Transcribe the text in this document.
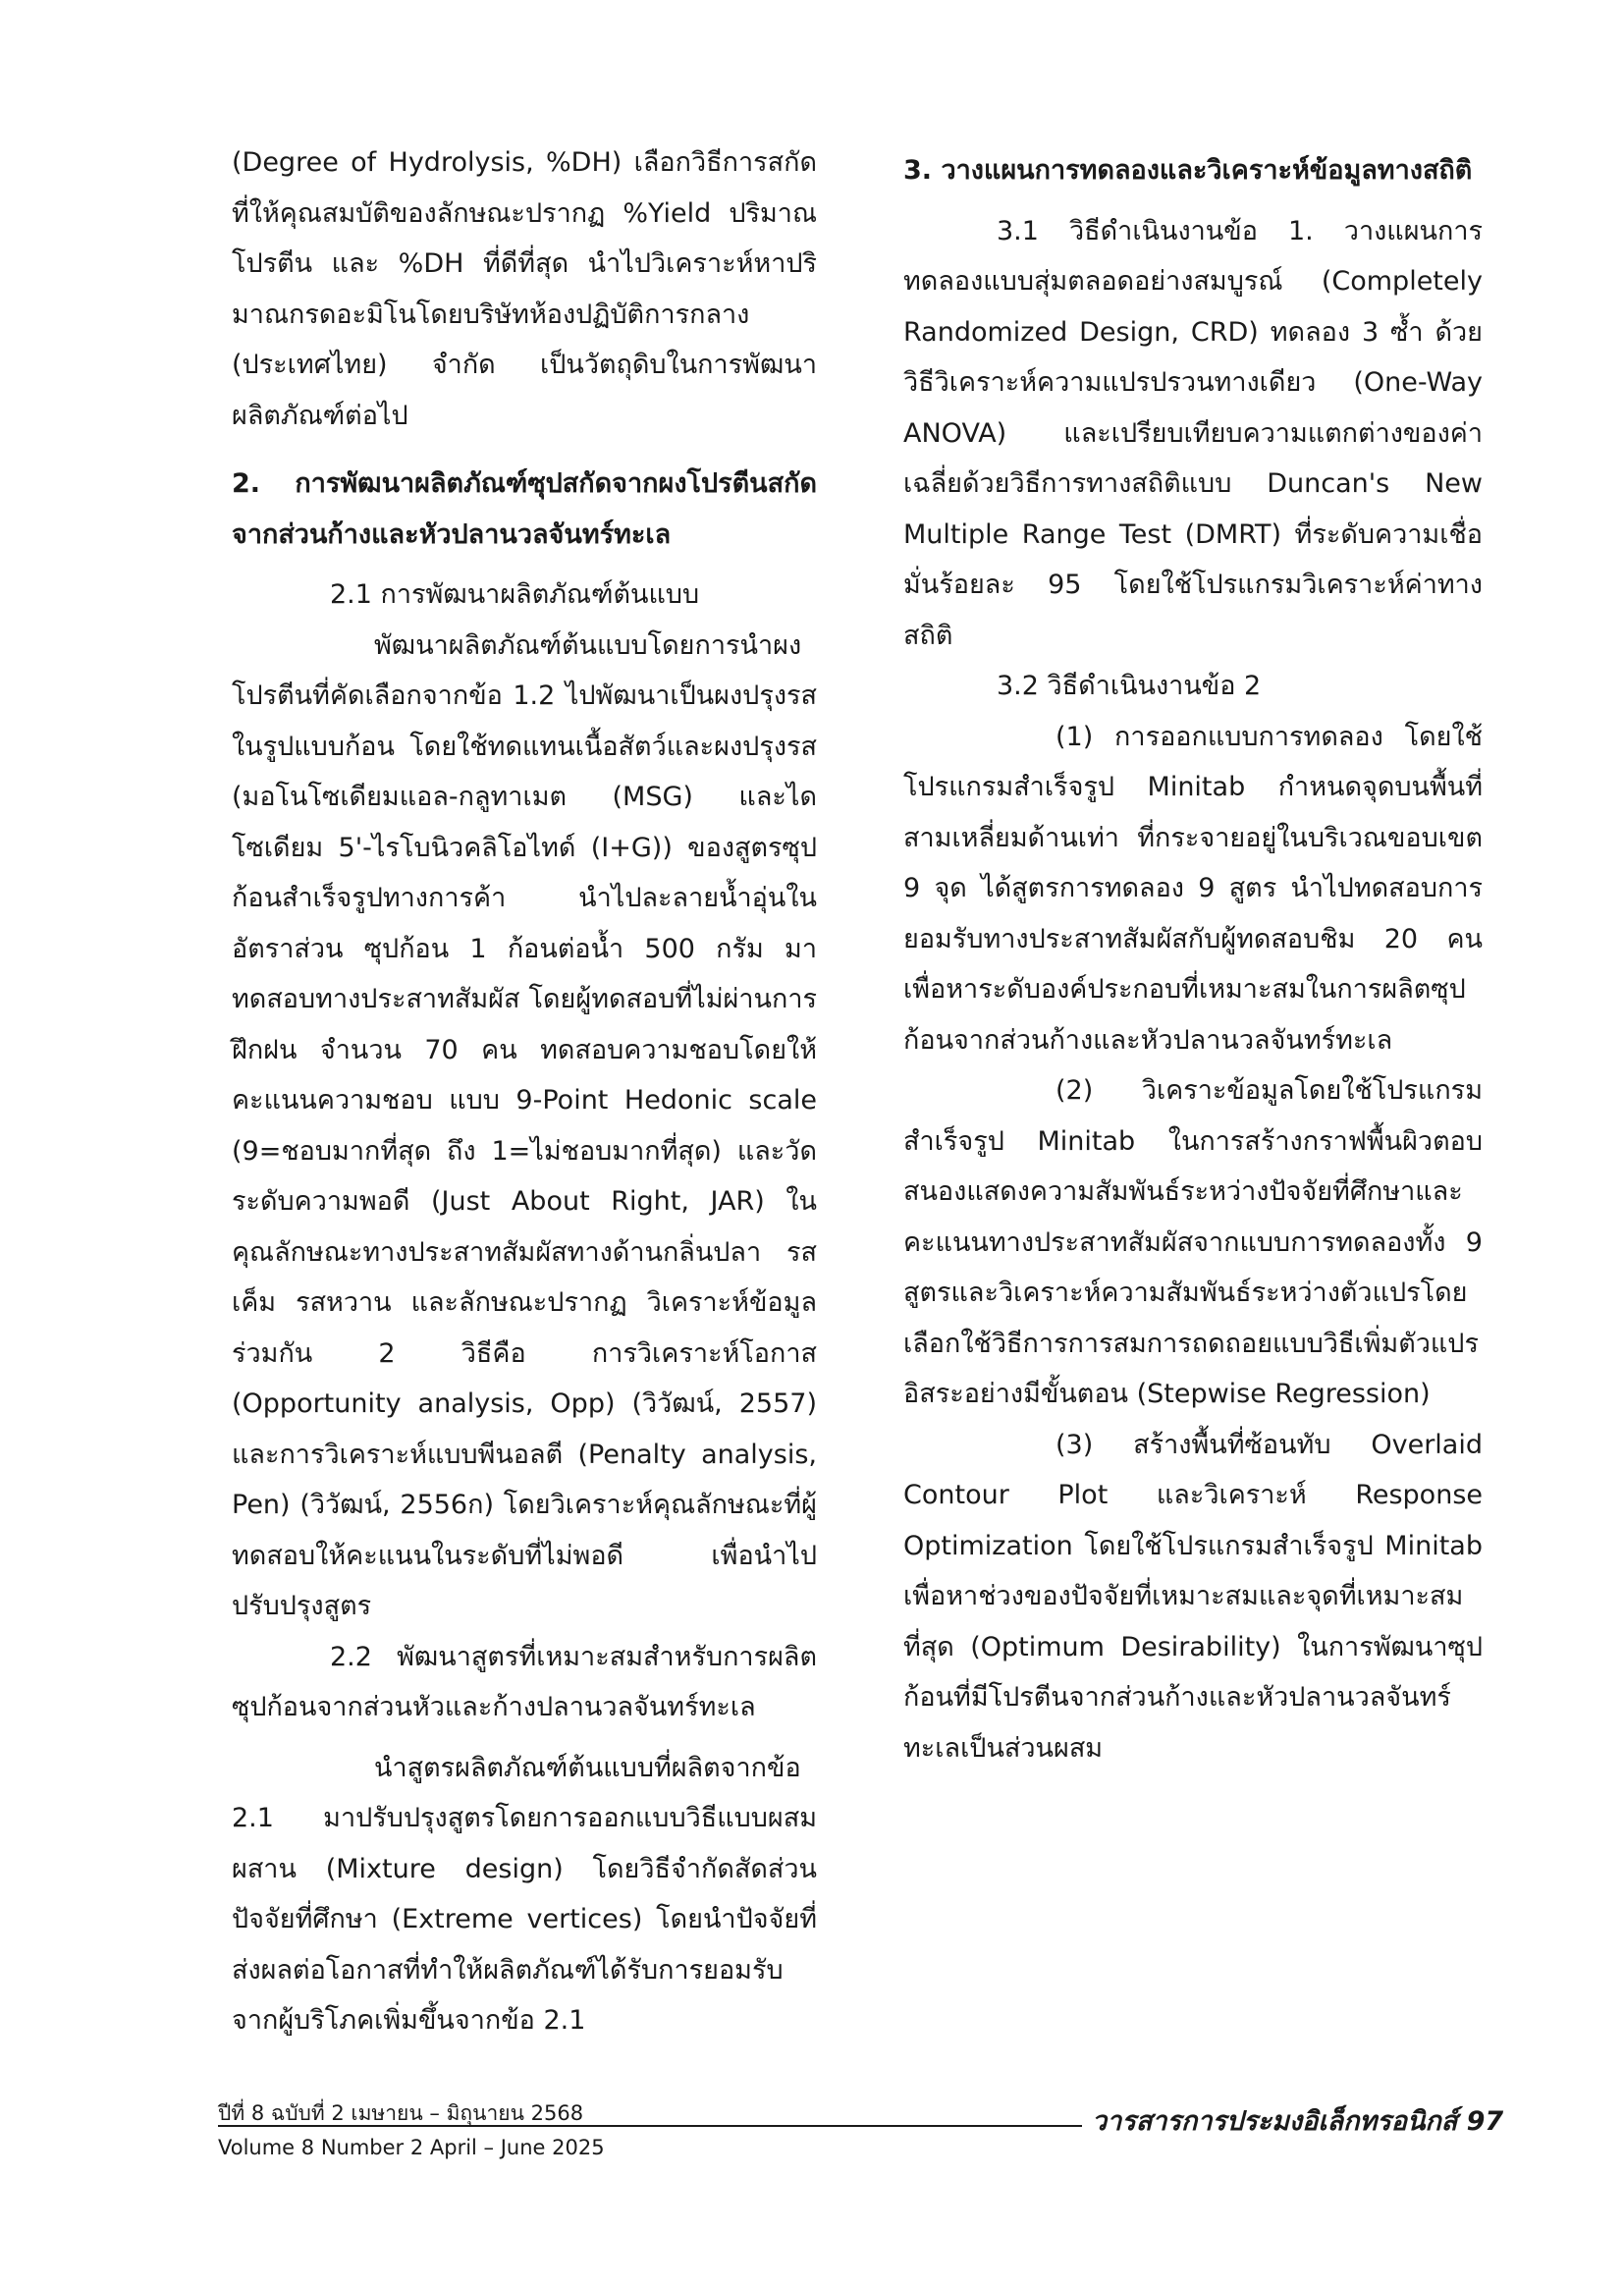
(Degree of Hydrolysis, %DH) เลือกวิธีการสกัดที่ให้คุณสมบัติของลักษณะปรากฏ %Yield ปริมาณโปรตีน และ %DH ที่ดีที่สุด นำไปวิเคราะห์หาปริมาณกรดอะมิโนโดยบริษัทห้องปฏิบัติการกลาง (ประเทศไทย) จำกัด เป็นวัตถุดิบในการพัฒนาผลิตภัณฑ์ต่อไป

2. การพัฒนาผลิตภัณฑ์ซุปสกัดจากผงโปรตีนสกัดจากส่วนก้างและหัวปลานวลจันทร์ทะเล

2.1 การพัฒนาผลิตภัณฑ์ต้นแบบ

พัฒนาผลิตภัณฑ์ต้นแบบโดยการนำผงโปรตีนที่คัดเลือกจากข้อ 1.2 ไปพัฒนาเป็นผงปรุงรสในรูปแบบก้อน โดยใช้ทดแทนเนื้อสัตว์และผงปรุงรส (มอโนโซเดียมแอล-กลูทาเมต (MSG) และไดโซเดียม 5'-ไรโบนิวคลิโอไทด์ (I+G)) ของสูตรซุปก้อนสำเร็จรูปทางการค้า นำไปละลายน้ำอุ่นในอัตราส่วน ซุปก้อน 1 ก้อนต่อน้ำ 500 กรัม มาทดสอบทางประสาทสัมผัส โดยผู้ทดสอบที่ไม่ผ่านการฝึกฝน จำนวน 70 คน ทดสอบความชอบโดยให้คะแนนความชอบ แบบ 9-Point Hedonic scale (9=ชอบมากที่สุด ถึง 1=ไม่ชอบมากที่สุด) และวัดระดับความพอดี (Just About Right, JAR) ในคุณลักษณะทางประสาทสัมผัสทางด้านกลิ่นปลา รสเค็ม รสหวาน และลักษณะปรากฏ วิเคราะห์ข้อมูลร่วมกัน 2 วิธีคือ การวิเคราะห์โอกาส (Opportunity analysis, Opp) (วิวัฒน์, 2557) และการวิเคราะห์แบบพีนอลตี (Penalty analysis, Pen) (วิวัฒน์, 2556ก) โดยวิเคราะห์คุณลักษณะที่ผู้ทดสอบให้คะแนนในระดับที่ไม่พอดี เพื่อนำไปปรับปรุงสูตร

2.2 พัฒนาสูตรที่เหมาะสมสำหรับการผลิตซุปก้อนจากส่วนหัวและก้างปลานวลจันทร์ทะเล

นำสูตรผลิตภัณฑ์ต้นแบบที่ผลิตจากข้อ 2.1 มาปรับปรุงสูตรโดยการออกแบบวิธีแบบผสมผสาน (Mixture design) โดยวิธีจำกัดสัดส่วนปัจจัยที่ศึกษา (Extreme vertices) โดยนำปัจจัยที่ส่งผลต่อโอกาสที่ทำให้ผลิตภัณฑ์ได้รับการยอมรับจากผู้บริโภคเพิ่มขึ้นจากข้อ 2.1

3. วางแผนการทดลองและวิเคราะห์ข้อมูลทางสถิติ

3.1 วิธีดำเนินงานข้อ 1. วางแผนการทดลองแบบสุ่มตลอดอย่างสมบูรณ์ (Completely Randomized Design, CRD) ทดลอง 3 ซ้ำ ด้วยวิธีวิเคราะห์ความแปรปรวนทางเดียว (One-Way ANOVA) และเปรียบเทียบความแตกต่างของค่าเฉลี่ยด้วยวิธีการทางสถิติแบบ Duncan's New Multiple Range Test (DMRT) ที่ระดับความเชื่อมั่นร้อยละ 95 โดยใช้โปรแกรมวิเคราะห์ค่าทางสถิติ

3.2 วิธีดำเนินงานข้อ 2

(1) การออกแบบการทดลอง โดยใช้โปรแกรมสำเร็จรูป Minitab กำหนดจุดบนพื้นที่สามเหลี่ยมด้านเท่า ที่กระจายอยู่ในบริเวณขอบเขต 9 จุด ได้สูตรการทดลอง 9 สูตร นำไปทดสอบการยอมรับทางประสาทสัมผัสกับผู้ทดสอบชิม 20 คน เพื่อหาระดับองค์ประกอบที่เหมาะสมในการผลิตซุปก้อนจากส่วนก้างและหัวปลานวลจันทร์ทะเล

(2) วิเคราะข้อมูลโดยใช้โปรแกรมสำเร็จรูป Minitab ในการสร้างกราฟพื้นผิวตอบสนองแสดงความสัมพันธ์ระหว่างปัจจัยที่ศึกษาและคะแนนทางประสาทสัมผัสจากแบบการทดลองทั้ง 9 สูตรและวิเคราะห์ความสัมพันธ์ระหว่างตัวแปรโดยเลือกใช้วิธีการการสมการถดถอยแบบวิธีเพิ่มตัวแปรอิสระอย่างมีขั้นตอน (Stepwise Regression)

(3) สร้างพื้นที่ซ้อนทับ Overlaid Contour Plot และวิเคราะห์ Response Optimization โดยใช้โปรแกรมสำเร็จรูป Minitab เพื่อหาช่วงของปัจจัยที่เหมาะสมและจุดที่เหมาะสมที่สุด (Optimum Desirability) ในการพัฒนาซุปก้อนที่มีโปรตีนจากส่วนก้างและหัวปลานวลจันทร์ทะเลเป็นส่วนผสม

ปีที่ 8 ฉบับที่ 2 เมษายน – มิถุนายน 2568
Volume 8 Number 2 April – June 2025
วารสารการประมงอิเล็กทรอนิกส์ 97
